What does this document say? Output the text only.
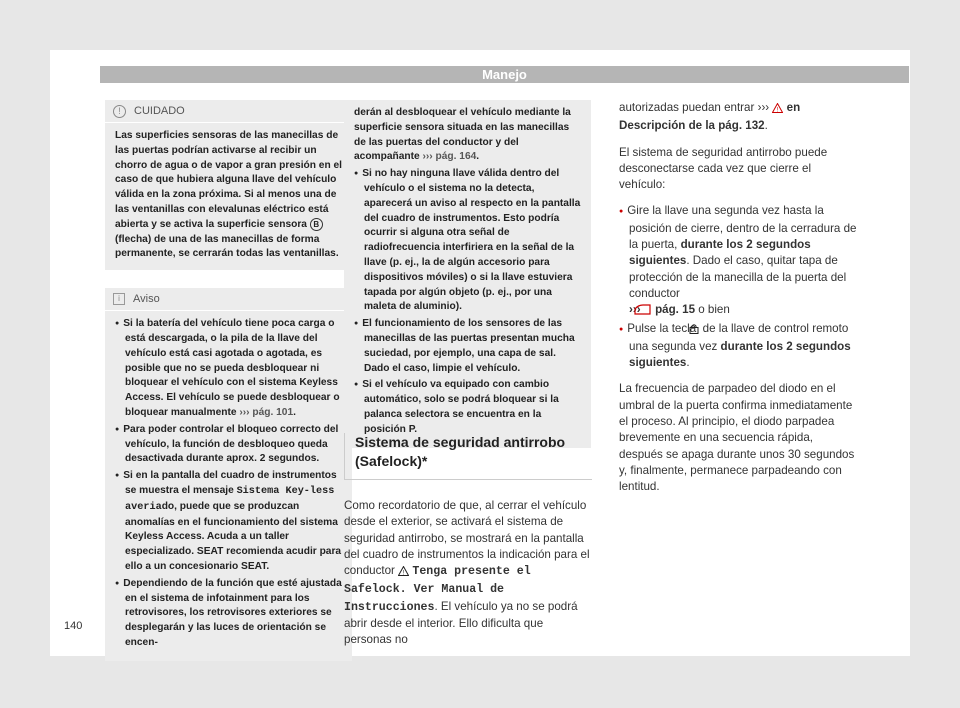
Manejo
!	CUIDADO
Las superficies sensoras de las manecillas de las puertas podrían activarse al recibir un chorro de agua o de vapor a gran presión en el caso de que hubiera alguna llave del vehículo válida en la zona próxima. Si al menos una de las ventanillas con elevalunas eléctrico está abierta y se activa la superficie sensora B (flecha) de una de las manecillas de forma permanente, se cerrarán todas las ventanillas.
i	Aviso
● Si la batería del vehículo tiene poca carga o está descargada, o la pila de la llave del vehículo está casi agotada o agotada, es posible que no se pueda desbloquear ni bloquear el vehículo con el sistema Keyless Access. El vehículo se puede desbloquear o bloquear manualmente ››› pág. 101.
● Para poder controlar el bloqueo correcto del vehículo, la función de desbloqueo queda desactivada durante aprox. 2 segundos.
● Si en la pantalla del cuadro de instrumentos se muestra el mensaje Sistema Key-less averiado, puede que se produzcan anomalías en el funcionamiento del sistema Keyless Access. Acuda a un taller especializado. SEAT recomienda acudir para ello a un concesionario SEAT.
● Dependiendo de la función que esté ajustada en el sistema de infotainment para los retrovisores, los retrovisores exteriores se desplegarán y las luces de orientación se encen-
derán al desbloquear el vehículo mediante la superficie sensora situada en las manecillas de las puertas del conductor y del acompañante ››› pág. 164.
● Si no hay ninguna llave válida dentro del vehículo o el sistema no la detecta, aparecerá un aviso al respecto en la pantalla del cuadro de instrumentos. Esto podría ocurrir si alguna otra señal de radiofrecuencia interfiriera en la señal de la llave (p. ej., la de algún accesorio para dispositivos móviles) o si la llave estuviera tapada por algún objeto (p. ej., por una maleta de aluminio).
● El funcionamiento de los sensores de las manecillas de las puertas presentan mucha suciedad, por ejemplo, una capa de sal. Dado el caso, limpie el vehículo.
● Si el vehículo va equipado con cambio automático, solo se podrá bloquear si la palanca selectora se encuentra en la posición P.
Sistema de seguridad antirrobo (Safelock)*

Como recordatorio de que, al cerrar el vehículo desde el exterior, se activará el sistema de seguridad antirrobo, se mostrará en la pantalla del cuadro de instrumentos la indicación para el conductor ! Tenga presente el Safelock. Ver Manual de Instrucciones. El vehículo ya no se podrá abrir desde el interior. Ello dificulta que personas no

autorizadas puedan entrar ››› ! en Descripción de la pág. 132.

El sistema de seguridad antirrobo puede desconectarse cada vez que cierre el vehículo:

● Gire la llave una segunda vez hasta la posición de cierre, dentro de la cerradura de la puerta, durante los 2 segundos siguientes. Dado el caso, quitar tapa de protección de la manecilla de la puerta del conductor
››› pág. 15 o bien
● Pulse la tecla  de la llave de control remoto una segunda vez durante los 2 segundos siguientes.

La frecuencia de parpadeo del diodo en el umbral de la puerta confirma inmediatamente el proceso. Al principio, el diodo parpadea brevemente en una secuencia rápida, después se apaga durante unos 30 segundos y, finalmente, permanece parpadeando con lentitud.

140
